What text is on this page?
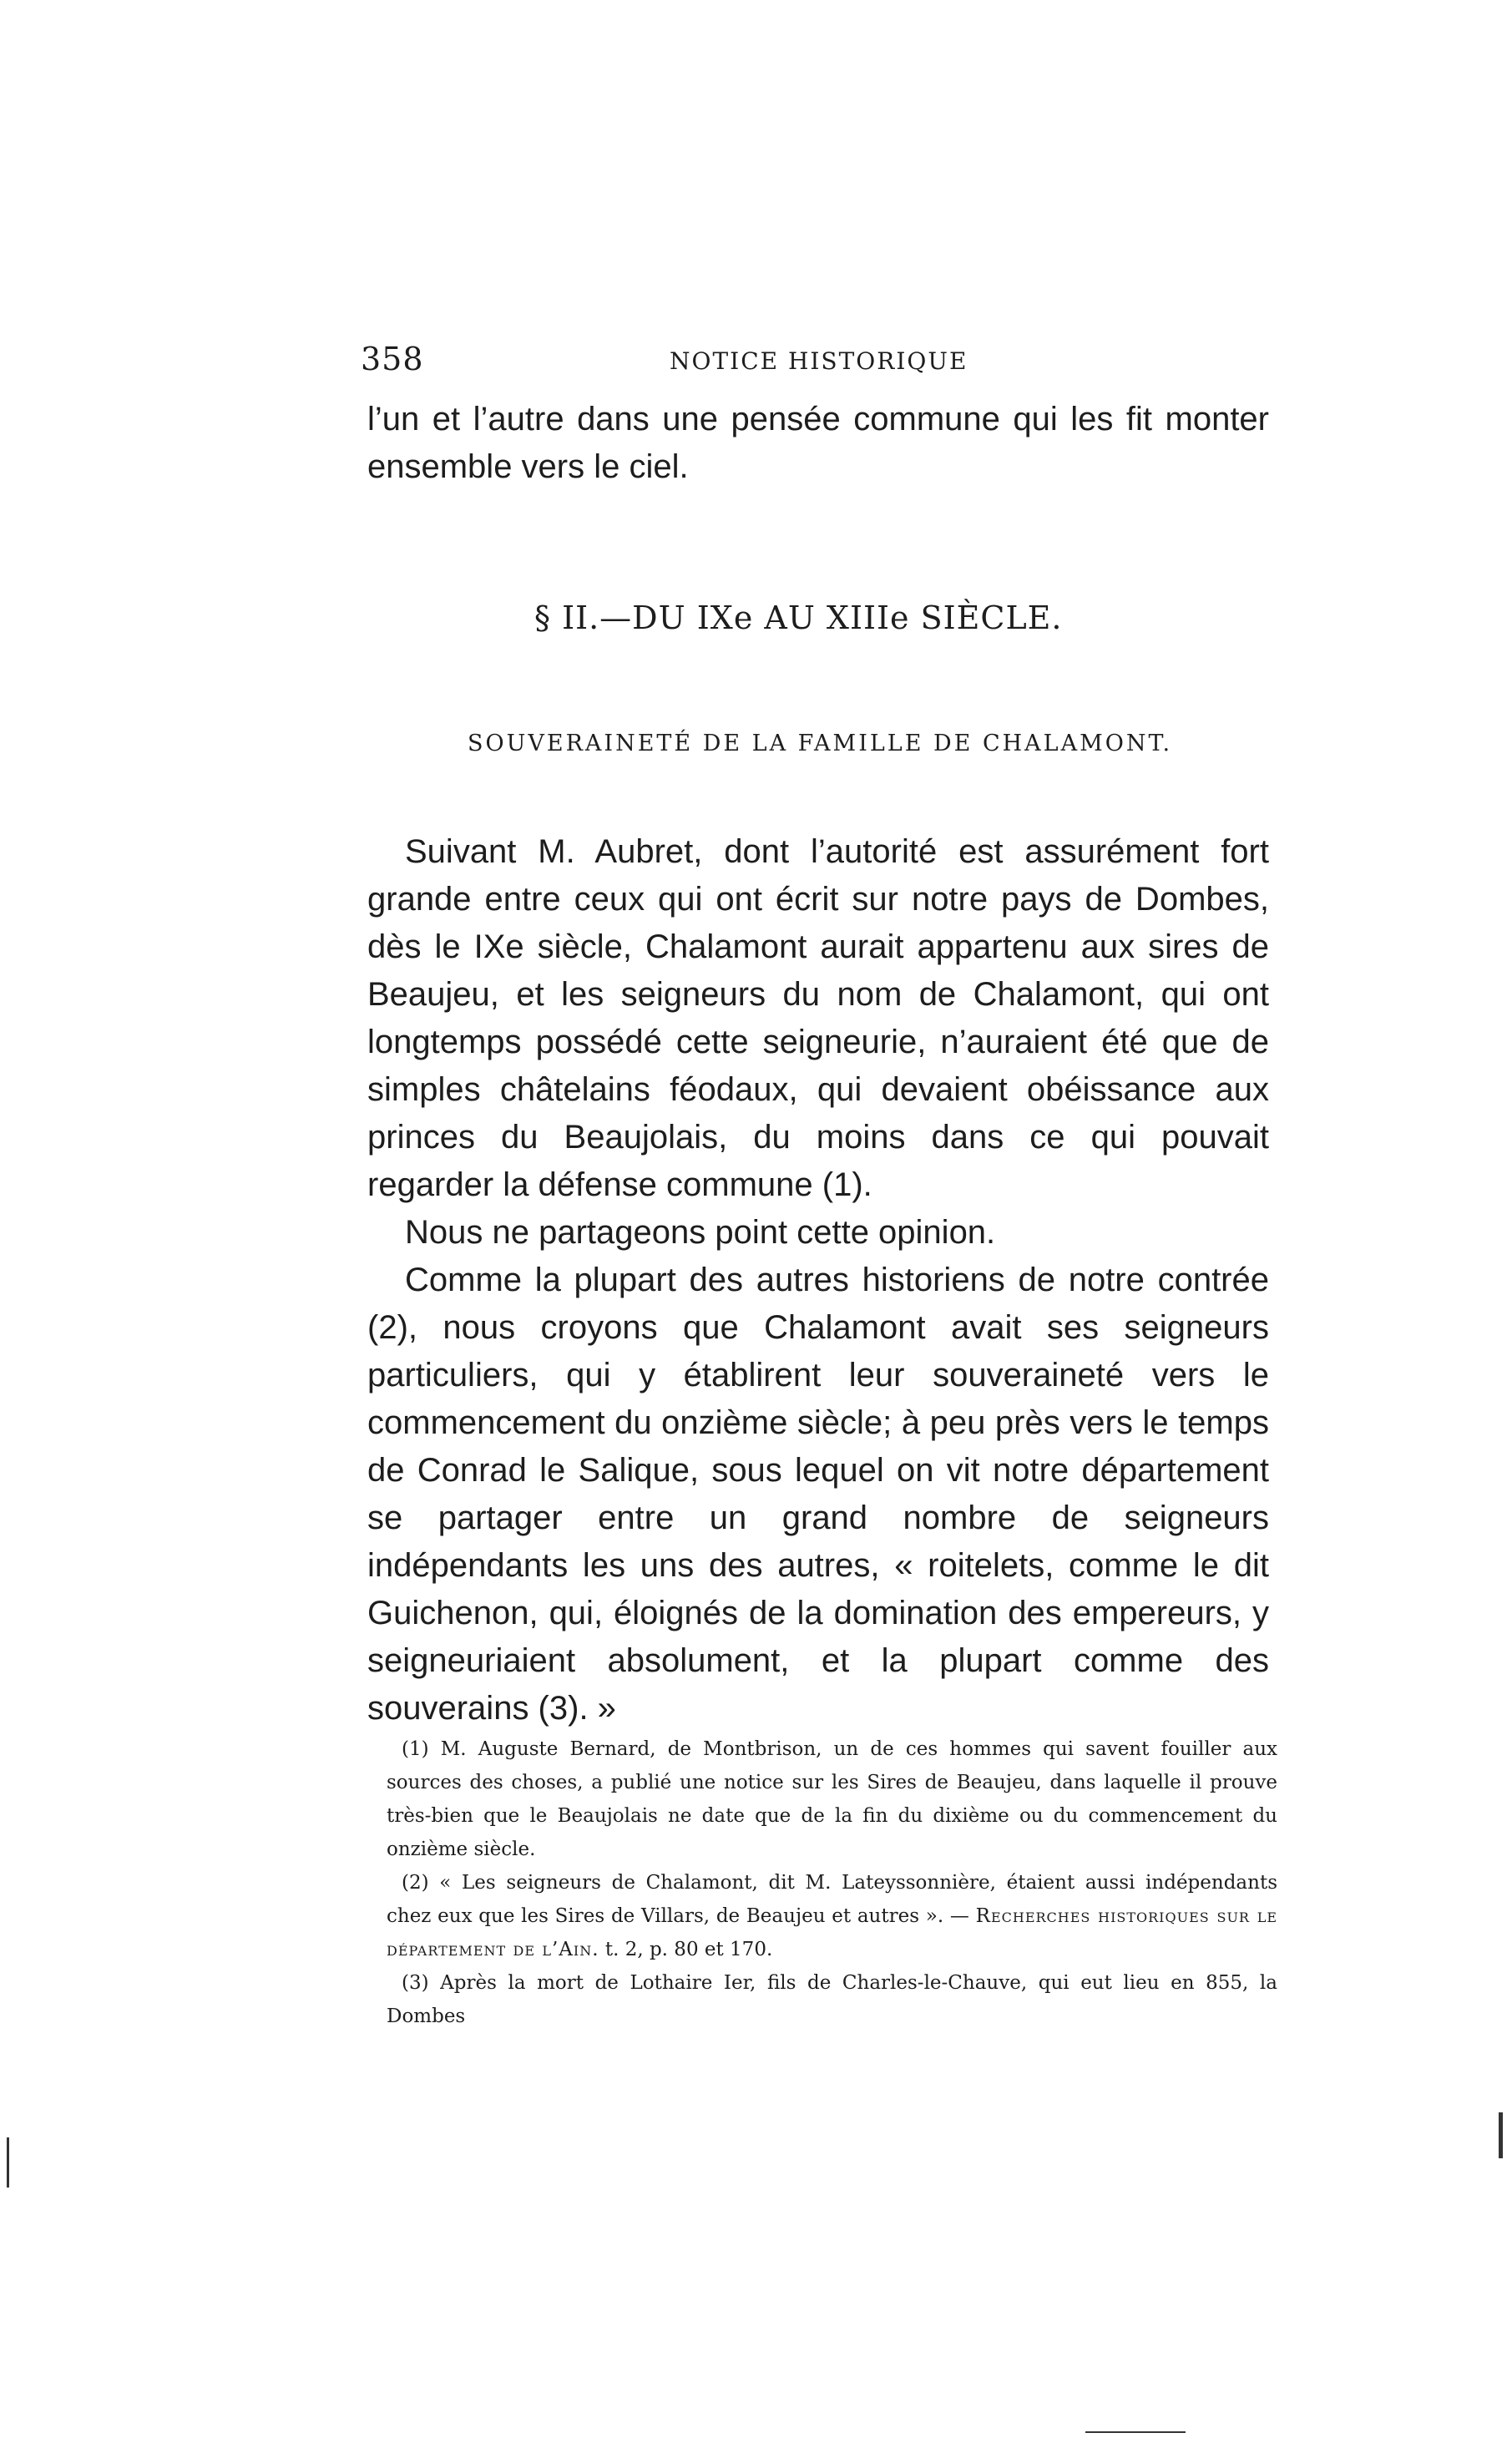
358	NOTICE HISTORIQUE

l’un et l’autre dans une pensée commune qui les fit monter ensemble vers le ciel.

§ II.—DU IXe AU XIIIe SIÈCLE.
SOUVERAINETÉ DE LA FAMILLE DE CHALAMONT.

Suivant M. Aubret, dont l’autorité est assurément fort grande entre ceux qui ont écrit sur notre pays de Dombes, dès le IXe siècle, Chalamont aurait appartenu aux sires de Beaujeu, et les seigneurs du nom de Chalamont, qui ont longtemps possédé cette seigneurie, n’auraient été que de simples châtelains féodaux, qui devaient obéissance aux princes du Beaujolais, du moins dans ce qui pouvait regarder la défense commune (1).

Nous ne partageons point cette opinion.

Comme la plupart des autres historiens de notre contrée (2), nous croyons que Chalamont avait ses seigneurs particuliers, qui y établirent leur souveraineté vers le commencement du onzième siècle; à peu près vers le temps de Conrad le Salique, sous lequel on vit notre département se partager entre un grand nombre de seigneurs indépendants les uns des autres, « roitelets, comme le dit Guichenon, qui, éloignés de la domination des empereurs, y seigneuriaient absolument, et la plupart comme des souverains (3). »

(1) M. Auguste Bernard, de Montbrison, un de ces hommes qui savent fouiller aux sources des choses, a publié une notice sur les Sires de Beaujeu, dans laquelle il prouve très-bien que le Beaujolais ne date que de la fin du dixième ou du commencement du onzième siècle.

(2) « Les seigneurs de Chalamont, dit M. Lateyssonnière, étaient aussi indépendants chez eux que les Sires de Villars, de Beaujeu et autres ». — Recherches historiques sur le département de l’Ain. t. 2, p. 80 et 170.

(3) Après la mort de Lothaire Ier, fils de Charles-le-Chauve, qui eut lieu en 855, la Dombes
